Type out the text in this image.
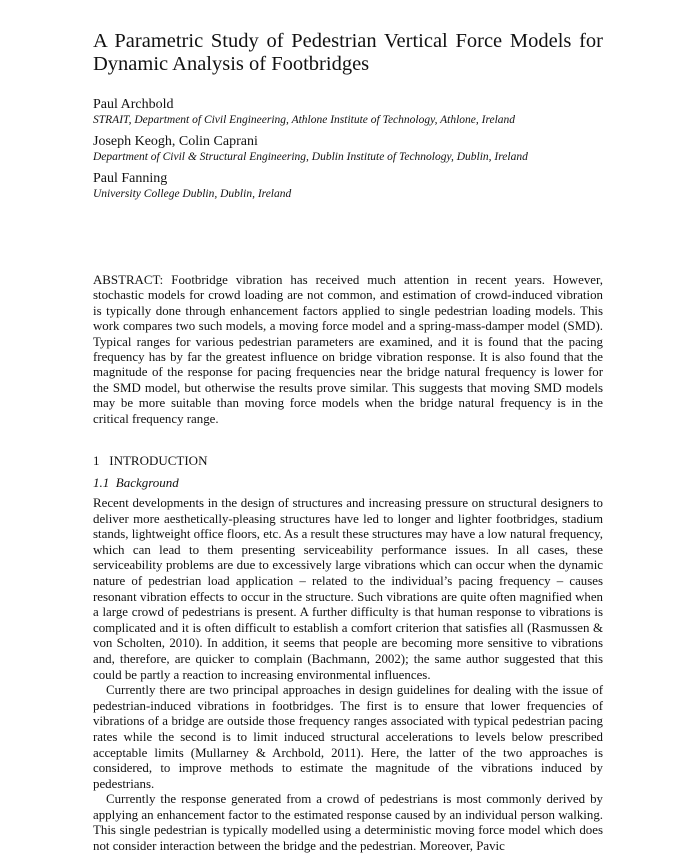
A Parametric Study of Pedestrian Vertical Force Models for Dynamic Analysis of Footbridges

Paul Archbold

STRAIT, Department of Civil Engineering, Athlone Institute of Technology, Athlone, Ireland

Joseph Keogh, Colin Caprani

Department of Civil & Structural Engineering, Dublin Institute of Technology, Dublin, Ireland

Paul Fanning

University College Dublin, Dublin, Ireland

ABSTRACT: Footbridge vibration has received much attention in recent years. However, stochastic models for crowd loading are not common, and estimation of crowd-induced vibration is typically done through enhancement factors applied to single pedestrian loading models. This work compares two such models, a moving force model and a spring-mass-damper model (SMD). Typical ranges for various pedestrian parameters are examined, and it is found that the pacing frequency has by far the greatest influence on bridge vibration response. It is also found that the magnitude of the response for pacing frequencies near the bridge natural frequency is lower for the SMD model, but otherwise the results prove similar. This suggests that moving SMD models may be more suitable than moving force models when the bridge natural frequency is in the critical frequency range.

1 INTRODUCTION
1.1 Background

Recent developments in the design of structures and increasing pressure on structural designers to deliver more aesthetically-pleasing structures have led to longer and lighter footbridges, stadium stands, lightweight office floors, etc. As a result these structures may have a low natural frequency, which can lead to them presenting serviceability performance issues. In all cases, these serviceability problems are due to excessively large vibrations which can occur when the dynamic nature of pedestrian load application – related to the individual’s pacing frequency – causes resonant vibration effects to occur in the structure. Such vibrations are quite often magnified when a large crowd of pedestrians is present. A further difficulty is that human response to vibrations is complicated and it is often difficult to establish a comfort criterion that satisfies all (Rasmussen & von Scholten, 2010). In addition, it seems that people are becoming more sensitive to vibrations and, therefore, are quicker to complain (Bachmann, 2002); the same author suggested that this could be partly a reaction to increasing environmental influences.

Currently there are two principal approaches in design guidelines for dealing with the issue of pedestrian-induced vibrations in footbridges. The first is to ensure that lower frequencies of vibrations of a bridge are outside those frequency ranges associated with typical pedestrian pacing rates while the second is to limit induced structural accelerations to levels below prescribed acceptable limits (Mullarney & Archbold, 2011). Here, the latter of the two approaches is considered, to improve methods to estimate the magnitude of the vibrations induced by pedestrians.

Currently the response generated from a crowd of pedestrians is most commonly derived by applying an enhancement factor to the estimated response caused by an individual person walking. This single pedestrian is typically modelled using a deterministic moving force model which does not consider interaction between the bridge and the pedestrian. Moreover, Pavic
